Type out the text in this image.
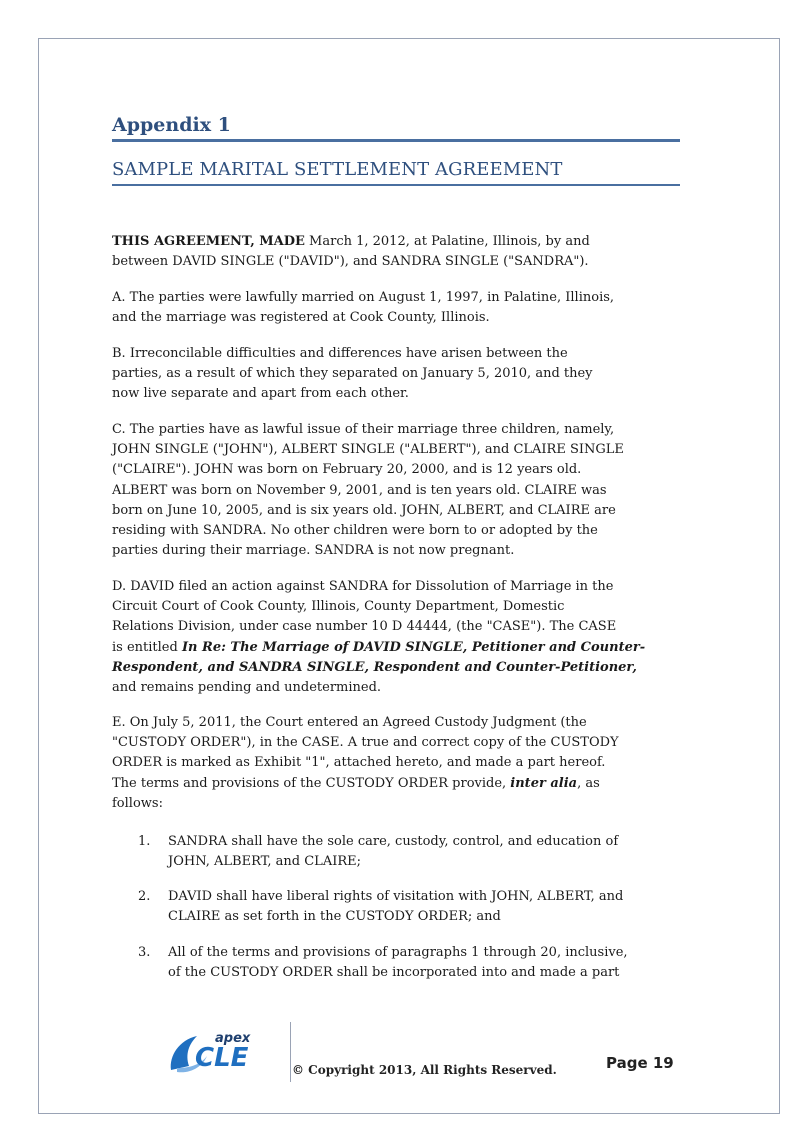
Appendix 1
SAMPLE MARITAL SETTLEMENT AGREEMENT
THIS AGREEMENT, MADE March 1, 2012, at Palatine, Illinois, by and
between DAVID SINGLE ("DAVID"), and SANDRA SINGLE ("SANDRA").
A. The parties were lawfully married on August 1, 1997, in Palatine, Illinois,
and the marriage was registered at Cook County, Illinois.
B. Irreconcilable difficulties and differences have arisen between the
parties, as a result of which they separated on January 5, 2010, and they
now live separate and apart from each other.
C. The parties have as lawful issue of their marriage three children, namely,
JOHN SINGLE ("JOHN"), ALBERT SINGLE ("ALBERT"), and CLAIRE SINGLE
("CLAIRE"). JOHN was born on February 20, 2000, and is 12 years old.
ALBERT was born on November 9, 2001, and is ten years old. CLAIRE was
born on June 10, 2005, and is six years old. JOHN, ALBERT, and CLAIRE are
residing with SANDRA. No other children were born to or adopted by the
parties during their marriage. SANDRA is not now pregnant.
D. DAVID filed an action against SANDRA for Dissolution of Marriage in the
Circuit Court of Cook County, Illinois, County Department, Domestic
Relations Division, under case number 10 D 44444, (the "CASE"). The CASE
is entitled In Re: The Marriage of DAVID SINGLE, Petitioner and Counter-
Respondent, and SANDRA SINGLE, Respondent and Counter-Petitioner,
and remains pending and undetermined.
E. On July 5, 2011, the Court entered an Agreed Custody Judgment (the
"CUSTODY ORDER"), in the CASE. A true and correct copy of the CUSTODY
ORDER is marked as Exhibit "1", attached hereto, and made a part hereof.
The terms and provisions of the CUSTODY ORDER provide, inter alia, as
follows:
1. SANDRA shall have the sole care, custody, control, and education of
JOHN, ALBERT, and CLAIRE;
2. DAVID shall have liberal rights of visitation with JOHN, ALBERT, and
CLAIRE as set forth in the CUSTODY ORDER; and
3. All of the terms and provisions of paragraphs 1 through 20, inclusive,
of the CUSTODY ORDER shall be incorporated into and made a part
apex
CLE	© Copyright 2013, All Rights Reserved.	Page 19
